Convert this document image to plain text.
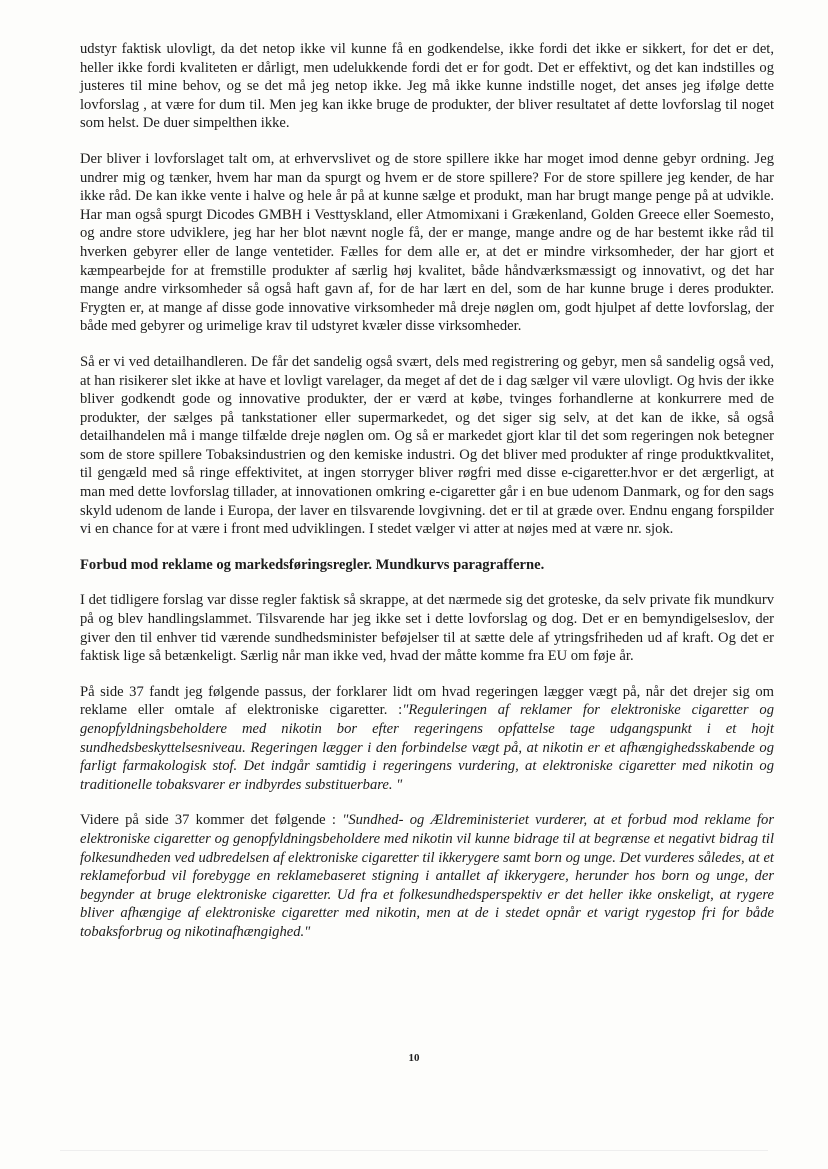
udstyr faktisk ulovligt, da det netop ikke vil kunne få en godkendelse, ikke fordi det ikke er sikkert, for det er det, heller ikke fordi kvaliteten er dårligt, men udelukkende fordi det er for godt. Det er effektivt, og det kan indstilles og justeres til mine behov, og se det må jeg netop ikke. Jeg må ikke kunne indstille noget, det anses jeg ifølge dette lovforslag , at være for dum til. Men jeg kan ikke bruge de produkter, der bliver resultatet af dette lovforslag til noget som helst. De duer simpelthen ikke.

Der bliver i lovforslaget talt om, at erhvervslivet og de store spillere ikke har moget imod denne gebyr ordning. Jeg undrer mig og tænker, hvem har man da spurgt og hvem er de store spillere? For de store spillere jeg kender, de har ikke råd. De kan ikke vente i halve og hele år på at kunne sælge et produkt, man har brugt mange penge på at udvikle. Har man også spurgt Dicodes GMBH i Vesttyskland, eller Atmomixani i Grækenland, Golden Greece eller Soemesto, og andre store udviklere, jeg har her blot nævnt nogle få, der er mange, mange andre og de har bestemt ikke råd til hverken gebyrer eller de lange ventetider. Fælles for dem alle er, at det er mindre virksomheder, der har gjort et kæmpearbejde for at fremstille produkter af særlig høj kvalitet, både håndværksmæssigt og innovativt, og det har mange andre virksomheder så også haft gavn af, for de har lært en del, som de har kunne bruge i deres produkter. Frygten er, at mange af disse gode innovative virksomheder må dreje nøglen om, godt hjulpet af dette lovforslag, der både med gebyrer og urimelige krav til udstyret kvæler disse virksomheder.

Så er vi ved detailhandleren. De får det sandelig også svært, dels med registrering og gebyr, men så sandelig også ved, at han risikerer slet ikke at have et lovligt varelager, da meget af det de i dag sælger vil være ulovligt. Og hvis der ikke bliver godkendt gode og innovative produkter, der er værd at købe, tvinges forhandlerne at konkurrere med de produkter, der sælges på tankstationer eller supermarkedet, og det siger sig selv, at det kan de ikke, så også detailhandelen må i mange tilfælde dreje nøglen om. Og så er markedet gjort klar til det som regeringen nok betegner som de store spillere Tobaksindustrien og den kemiske industri. Og det bliver med produkter af ringe produktkvalitet, til gengæld med så ringe effektivitet, at ingen storryger bliver røgfri med disse e-cigaretter.hvor er det ærgerligt, at man med dette lovforslag tillader, at innovationen omkring e-cigaretter går i en bue udenom Danmark, og for den sags skyld udenom de lande i Europa, der laver en tilsvarende lovgivning. det er til at græde over. Endnu engang forspilder vi en chance for at være i front med udviklingen. I stedet vælger vi atter at nøjes med at være nr. sjok.

Forbud mod reklame og markedsføringsregler. Mundkurvs paragrafferne.

I det tidligere forslag var disse regler faktisk så skrappe, at det nærmede sig det groteske, da selv private fik mundkurv på og blev handlingslammet. Tilsvarende har jeg ikke set i dette lovforslag og dog. Det er en bemyndigelseslov, der giver den til enhver tid værende sundhedsminister beføjelser til at sætte dele af ytringsfriheden ud af kraft. Og det er faktisk lige så betænkeligt. Særlig når man ikke ved, hvad der måtte komme fra EU om føje år.

På side 37 fandt jeg følgende passus, der forklarer lidt om hvad regeringen lægger vægt på, når det drejer sig om reklame eller omtale af elektroniske cigaretter. :"Reguleringen af reklamer for elektroniske cigaretter og genopfyldningsbeholdere med nikotin bor efter regeringens opfattelse tage udgangspunkt i et hojt sundhedsbeskyttelsesniveau. Regeringen lægger i den forbindelse vægt på, at nikotin er et afhængighedsskabende og farligt farmakologisk stof. Det indgår samtidig i regeringens vurdering, at elektroniske cigaretter med nikotin og traditionelle tobaksvarer er indbyrdes substituerbare. "

Videre på side 37 kommer det følgende : "Sundhed- og Ældreministeriet vurderer, at et forbud mod reklame for elektroniske cigaretter og genopfyldningsbeholdere med nikotin vil kunne bidrage til at begrænse et negativt bidrag til folkesundheden ved udbredelsen af elektroniske cigaretter til ikkerygere samt born og unge. Det vurderes således, at et reklameforbud vil forebygge en reklamebaseret stigning i antallet af ikkerygere, herunder hos born og unge, der begynder at bruge elektroniske cigaretter. Ud fra et folkesundhedsperspektiv er det heller ikke onskeligt, at rygere bliver afhængige af elektroniske cigaretter med nikotin, men at de i stedet opnår et varigt rygestop fri for både tobaksforbrug og nikotinafhængighed."

10
